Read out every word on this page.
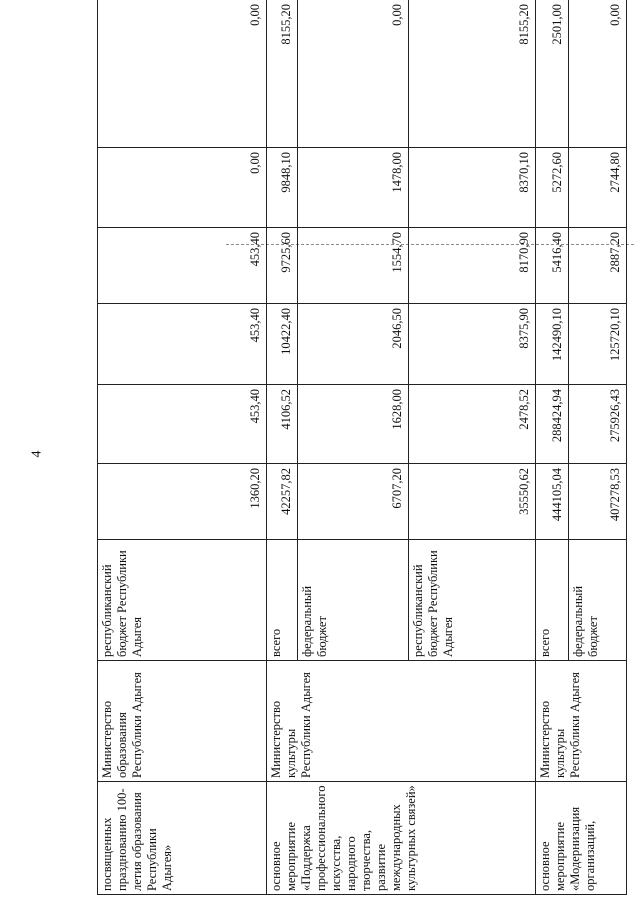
4
посвященных празднованию 100-летия образования Республики Адыгея»	Министерство образования Республики Адыгея	республиканский бюджет Республики Адыгея	1360,20	453,40	453,40	453,40	0,00	0,00
основное мероприятие «Поддержка профессионального искусства, народного творчества, развитие международных культурных связей»	Министерство культуры Республики Адыгея	всего	42257,82	4106,52	10422,40	9725,60	9848,10	8155,20
		федеральный бюджет	6707,20	1628,00	2046,50	1554,70	1478,00	0,00
		республиканский бюджет Республики Адыгея	35550,62	2478,52	8375,90	8170,90	8370,10	8155,20
основное мероприятие «Модернизация организаций,	Министерство культуры Республики Адыгея	всего	444105,04	288424,94	142490,10	5416,40	5272,60	2501,00
		федеральный бюджет	407278,53	275926,43	125720,10	2887,20	2744,80	0,00
